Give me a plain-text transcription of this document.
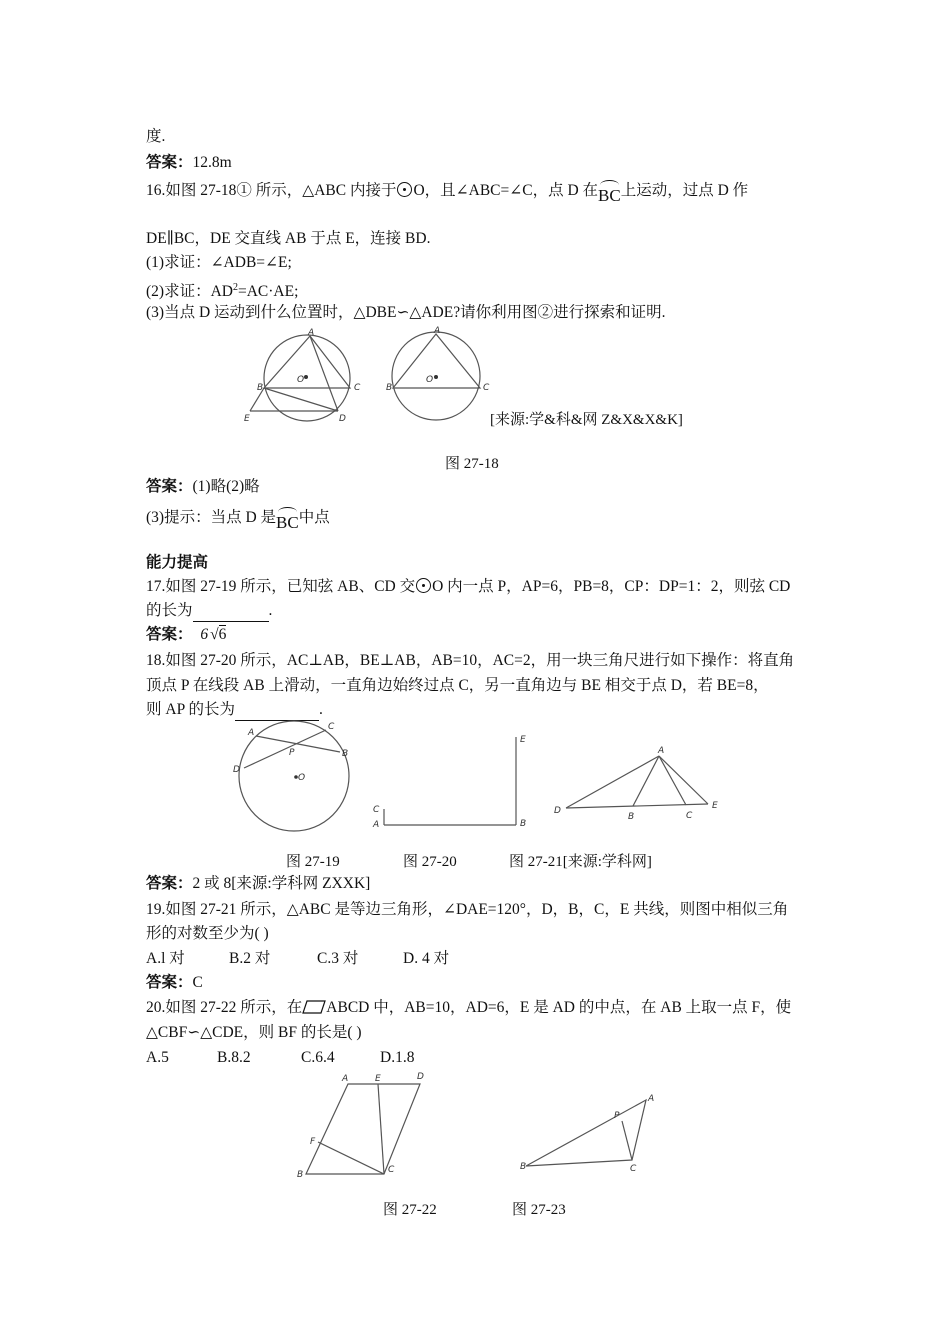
度.
答案：12.8m
16.如图 27-18① 所示，△ABC 内接于 O，且∠ABC=∠C，点 D 在BC上运动，过点 D 作
DE∥BC，DE 交直线 AB 于点 E，连接 BD.
(1)求证：∠ADB=∠E;
(2)求证：$AD^2=AC\cdot AE$;
(3)当点 D 运动到什么位置时，△DBE∽△ADE?请你利用图②进行探索和证明.
A
B	C
D
E
O
A
B	C
O
[来源:学&科&网 Z&X&X&K]
图 27-18
答案：(1)略(2)略
(3)提示：当点 D 是BC中点
能力提高
17.如图 27-19 所示，已知弦 AB、CD 交 O 内一点 P，AP=6，PB=8，CP：DP=1：2，则弦 CD
的长为	.
答案： 6 √6
18.如图 27-20 所示，AC⊥AB，BE⊥AB，AB=10，AC=2，用一块三角尺进行如下操作：将直角
顶点 P 在线段 AB 上滑动，一直角边始终过点 C，另一直角边与 BE 相交于点 D，若 BE=8，
则 AP 的长为	.
A
C
B
D
P
O
C
A	B
E
A
D
B	C
E
图 27-19	图 27-20	图 27-21[来源:学科网]
答案：2 或 8[来源:学科网 ZXXK]
19.如图 27-21 所示，△ABC 是等边三角形，∠DAE=120°，D，B，C，E 共线，则图中相似三角
形的对数至少为( )
A.l 对	B.2 对	C.3 对	D. 4 对
答案：C
20.如图 27-22 所示，在 ABCD 中，AB=10，AD=6，E 是 AD 的中点，在 AB 上取一点 F，使
△CBF∽△CDE，则 BF 的长是( )
A.5	B.8.2	C.6.4	D.1.8
A	E	D
F
B	C
P
A
B	C
图 27-22	图 27-23
